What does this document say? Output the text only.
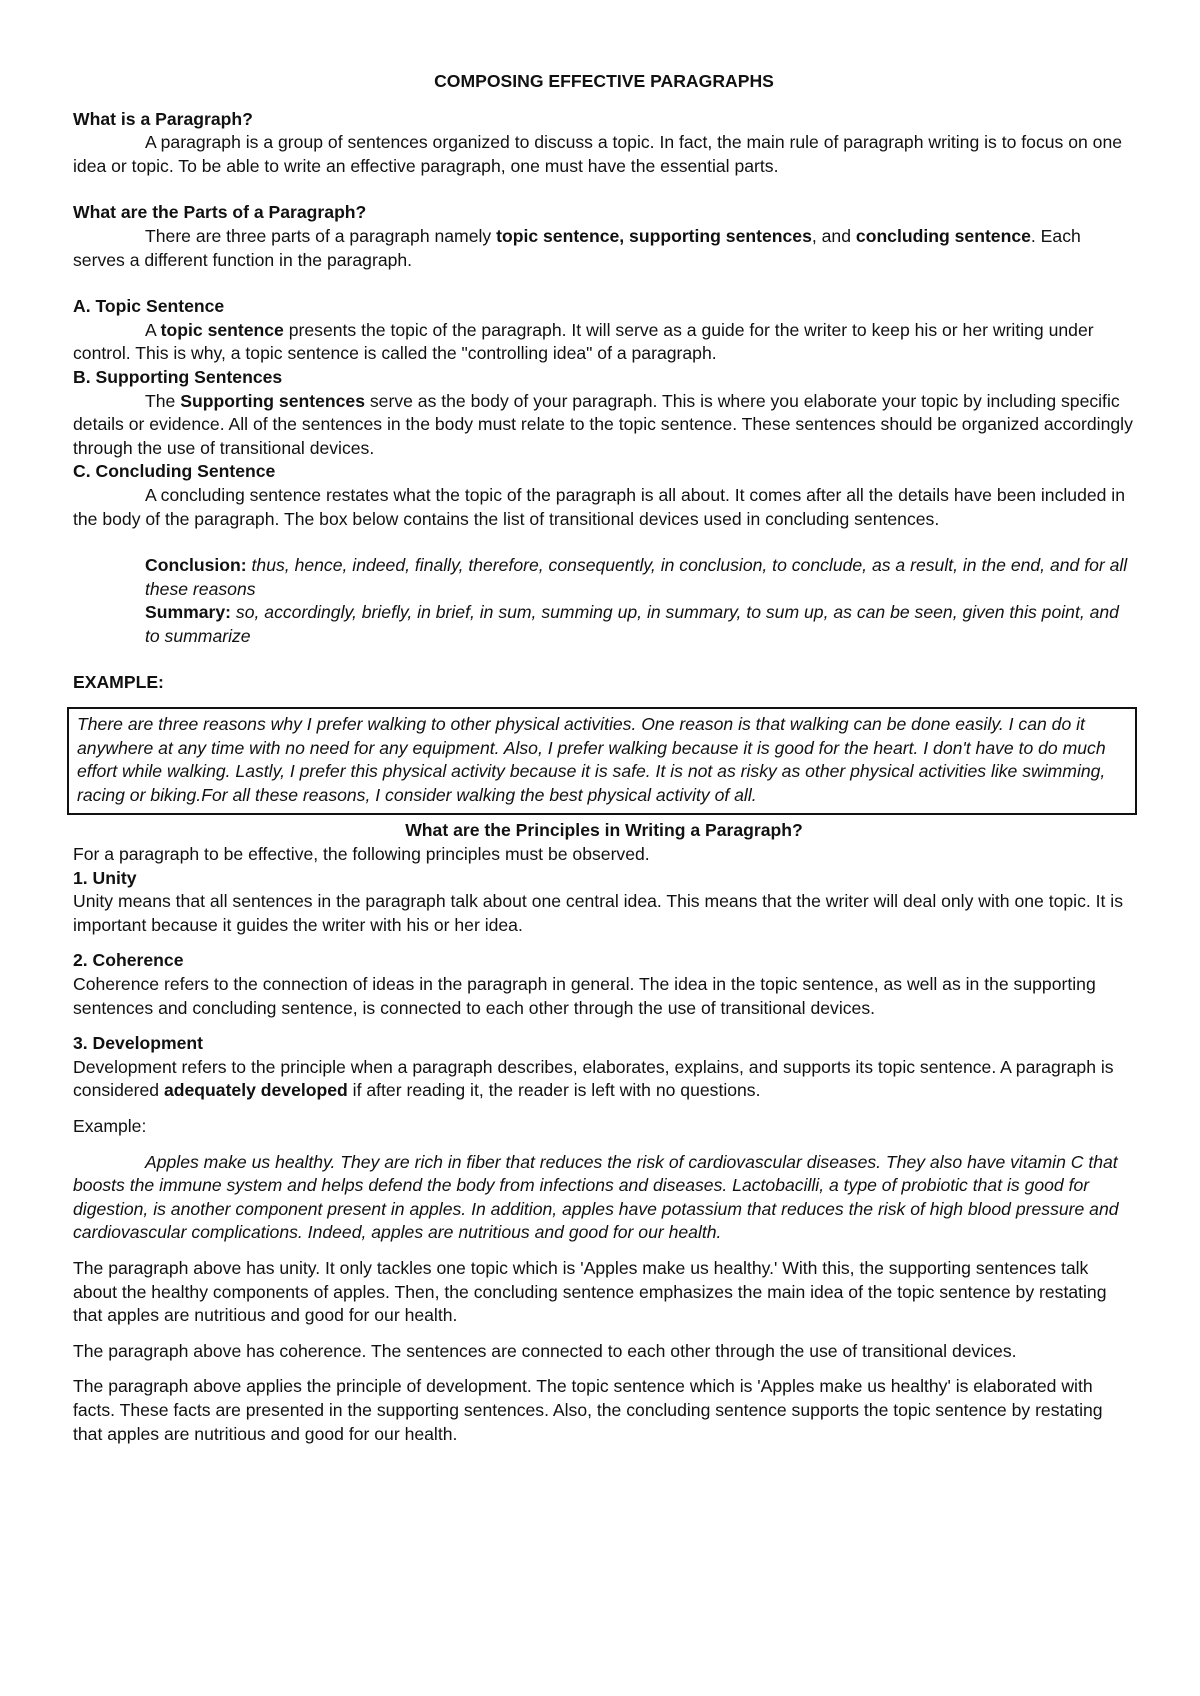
COMPOSING EFFECTIVE PARAGRAPHS
What is a Paragraph?

A paragraph is a group of sentences organized to discuss a topic. In fact, the main rule of paragraph writing is to focus on one idea or topic. To be able to write an effective paragraph, one must have the essential parts.

What are the Parts of a Paragraph?

There are three parts of a paragraph namely topic sentence, supporting sentences, and concluding sentence. Each serves a different function in the paragraph.

A. Topic Sentence

A topic sentence presents the topic of the paragraph. It will serve as a guide for the writer to keep his or her writing under control. This is why, a topic sentence is called the "controlling idea" of a paragraph.

B. Supporting Sentences

The Supporting sentences serve as the body of your paragraph. This is where you elaborate your topic by including specific details or evidence. All of the sentences in the body must relate to the topic sentence. These sentences should be organized accordingly through the use of transitional devices.

C. Concluding Sentence

A concluding sentence restates what the topic of the paragraph is all about. It comes after all the details have been included in the body of the paragraph. The box below contains the list of transitional devices used in concluding sentences.

Conclusion: thus, hence, indeed, finally, therefore, consequently, in conclusion, to conclude, as a result, in the end, and for all these reasons

Summary: so, accordingly, briefly, in brief, in sum, summing up, in summary, to sum up, as can be seen, given this point, and to summarize

EXAMPLE:

There are three reasons why I prefer walking to other physical activities. One reason is that walking can be done easily. I can do it anywhere at any time with no need for any equipment. Also, I prefer walking because it is good for the heart. I don't have to do much effort while walking. Lastly, I prefer this physical activity because it is safe. It is not as risky as other physical activities like swimming, racing or biking.For all these reasons, I consider walking the best physical activity of all.

What are the Principles in Writing a Paragraph?

For a paragraph to be effective, the following principles must be observed.

1. Unity

Unity means that all sentences in the paragraph talk about one central idea. This means that the writer will deal only with one topic. It is important because it guides the writer with his or her idea.

2. Coherence

Coherence refers to the connection of ideas in the paragraph in general. The idea in the topic sentence, as well as in the supporting sentences and concluding sentence, is connected to each other through the use of transitional devices.

3. Development

Development refers to the principle when a paragraph describes, elaborates, explains, and supports its topic sentence. A paragraph is considered adequately developed if after reading it, the reader is left with no questions.

Example:

Apples make us healthy. They are rich in fiber that reduces the risk of cardiovascular diseases. They also have vitamin C that boosts the immune system and helps defend the body from infections and diseases. Lactobacilli, a type of probiotic that is good for digestion, is another component present in apples. In addition, apples have potassium that reduces the risk of high blood pressure and cardiovascular complications. Indeed, apples are nutritious and good for our health.

The paragraph above has unity. It only tackles one topic which is 'Apples make us healthy.' With this, the supporting sentences talk about the healthy components of apples. Then, the concluding sentence emphasizes the main idea of the topic sentence by restating that apples are nutritious and good for our health.

The paragraph above has coherence. The sentences are connected to each other through the use of transitional devices.

The paragraph above applies the principle of development. The topic sentence which is 'Apples make us healthy' is elaborated with facts. These facts are presented in the supporting sentences. Also, the concluding sentence supports the topic sentence by restating that apples are nutritious and good for our health.
